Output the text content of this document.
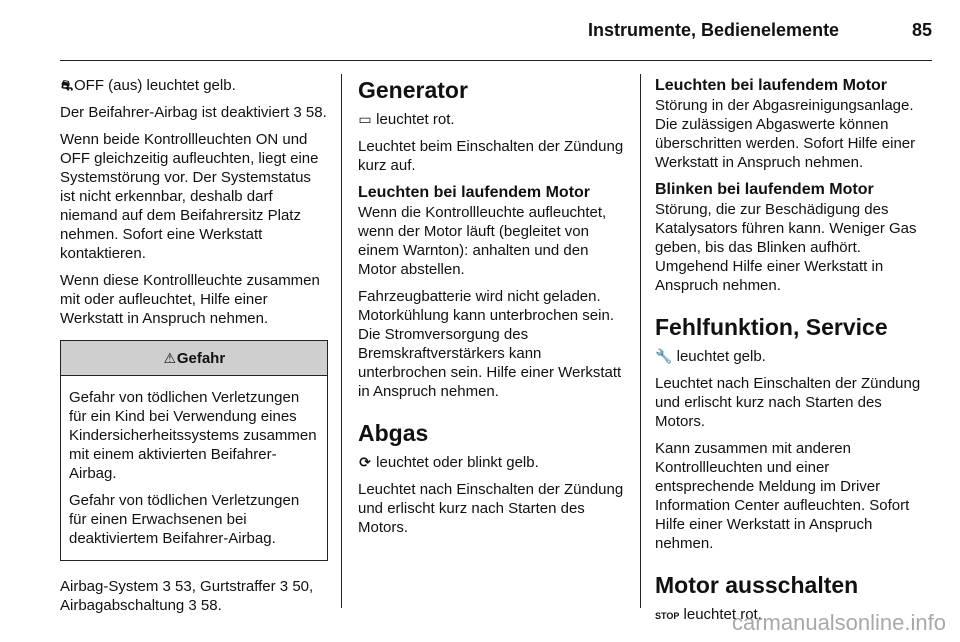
Instrumente, Bedienelemente	85

⛐OFF (aus) leuchtet gelb.

Der Beifahrer-Airbag ist deaktiviert 3 58.

Wenn beide Kontrollleuchten ON und OFF gleichzeitig aufleuchten, liegt eine Systemstörung vor. Der Systemstatus ist nicht erkennbar, deshalb darf niemand auf dem Beifahrersitz Platz nehmen. Sofort eine Werkstatt kontaktieren.

Wenn diese Kontrollleuchte zusammen mit oder aufleuchtet, Hilfe einer Werkstatt in Anspruch nehmen.

⚠ Gefahr

Gefahr von tödlichen Verletzungen für ein Kind bei Verwendung eines Kindersicherheitssystems zusammen mit einem aktivierten Beifahrer-Airbag.

Gefahr von tödlichen Verletzungen für einen Erwachsenen bei deaktiviertem Beifahrer-Airbag.

Airbag-System 3 53, Gurtstraffer 3 50, Airbagabschaltung 3 58.

Generator

▭ leuchtet rot.

Leuchtet beim Einschalten der Zündung kurz auf.

Leuchten bei laufendem Motor

Wenn die Kontrollleuchte aufleuchtet, wenn der Motor läuft (begleitet von einem Warnton): anhalten und den Motor abstellen.

Fahrzeugbatterie wird nicht geladen. Motorkühlung kann unterbrochen sein. Die Stromversorgung des Bremskraftverstärkers kann unterbrochen sein. Hilfe einer Werkstatt in Anspruch nehmen.

Abgas

⟳ leuchtet oder blinkt gelb.

Leuchtet nach Einschalten der Zündung und erlischt kurz nach Starten des Motors.

Leuchten bei laufendem Motor

Störung in der Abgasreinigungsanlage. Die zulässigen Abgaswerte können überschritten werden. Sofort Hilfe einer Werkstatt in Anspruch nehmen.

Blinken bei laufendem Motor

Störung, die zur Beschädigung des Katalysators führen kann. Weniger Gas geben, bis das Blinken aufhört. Umgehend Hilfe einer Werkstatt in Anspruch nehmen.

Fehlfunktion, Service

🔧 leuchtet gelb.

Leuchtet nach Einschalten der Zündung und erlischt kurz nach Starten des Motors.

Kann zusammen mit anderen Kontrollleuchten und einer entsprechende Meldung im Driver Information Center aufleuchten. Sofort Hilfe einer Werkstatt in Anspruch nehmen.

Motor ausschalten

STOP leuchtet rot.

carmanualsonline.info
